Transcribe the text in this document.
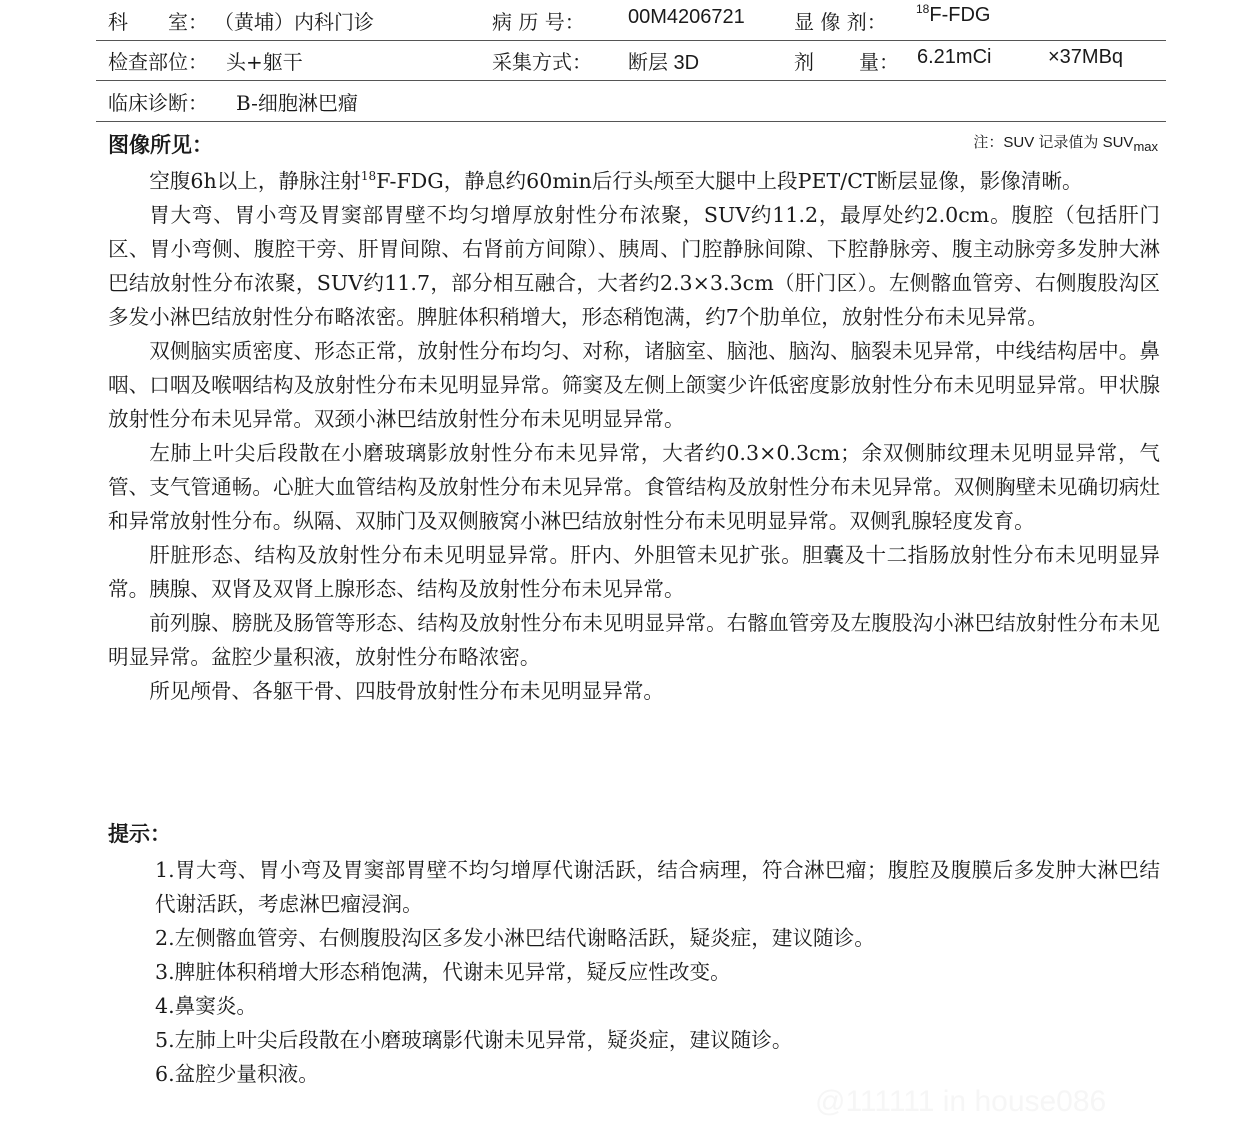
科　　室： （黄埔）内科门诊	病 历 号： 00M4206721 显 像 剂：
$^{18}$F-FDG
检查部位： 头+躯干	采集方式： 断层 3D	剂 量： 6.21mCi	×37MBq
临床诊断： B-细胞淋巴瘤
图像所见：	注：SUV 记录值为 $SUV_{max}$

空腹6h以上，静脉注射$^{18}$F-FDG，静息约60min后行头颅至大腿中上段PET/CT断层显像，影像清晰。

胃大弯、胃小弯及胃窦部胃壁不均匀增厚放射性分布浓聚，SUV约11.2，最厚处约2.0cm。腹腔（包括肝门区、胃小弯侧、腹腔干旁、肝胃间隙、右肾前方间隙）、胰周、门腔静脉间隙、下腔静脉旁、腹主动脉旁多发肿大淋巴结放射性分布浓聚，SUV约11.7，部分相互融合，大者约2.3×3.3cm（肝门区）。左侧髂血管旁、右侧腹股沟区多发小淋巴结放射性分布略浓密。脾脏体积稍增大，形态稍饱满，约7个肋单位，放射性分布未见异常。

双侧脑实质密度、形态正常，放射性分布均匀、对称，诸脑室、脑池、脑沟、脑裂未见异常，中线结构居中。鼻咽、口咽及喉咽结构及放射性分布未见明显异常。筛窦及左侧上颌窦少许低密度影放射性分布未见明显异常。甲状腺放射性分布未见异常。双颈小淋巴结放射性分布未见明显异常。

左肺上叶尖后段散在小磨玻璃影放射性分布未见异常，大者约0.3×0.3cm；余双侧肺纹理未见明显异常，气管、支气管通畅。心脏大血管结构及放射性分布未见异常。食管结构及放射性分布未见异常。双侧胸壁未见确切病灶和异常放射性分布。纵隔、双肺门及双侧腋窝小淋巴结放射性分布未见明显异常。双侧乳腺轻度发育。

肝脏形态、结构及放射性分布未见明显异常。肝内、外胆管未见扩张。胆囊及十二指肠放射性分布未见明显异常。胰腺、双肾及双肾上腺形态、结构及放射性分布未见异常。

前列腺、膀胱及肠管等形态、结构及放射性分布未见明显异常。右髂血管旁及左腹股沟小淋巴结放射性分布未见明显异常。盆腔少量积液，放射性分布略浓密。

所见颅骨、各躯干骨、四肢骨放射性分布未见明显异常。

提示：

1.胃大弯、胃小弯及胃窦部胃壁不均匀增厚代谢活跃，结合病理，符合淋巴瘤；腹腔及腹膜后多发肿大淋巴结代谢活跃，考虑淋巴瘤浸润。

2.左侧髂血管旁、右侧腹股沟区多发小淋巴结代谢略活跃，疑炎症，建议随诊。

3.脾脏体积稍增大形态稍饱满，代谢未见异常，疑反应性改变。

4.鼻窦炎。

5.左肺上叶尖后段散在小磨玻璃影代谢未见异常，疑炎症，建议随诊。

6.盆腔少量积液。

@111111 in house086
